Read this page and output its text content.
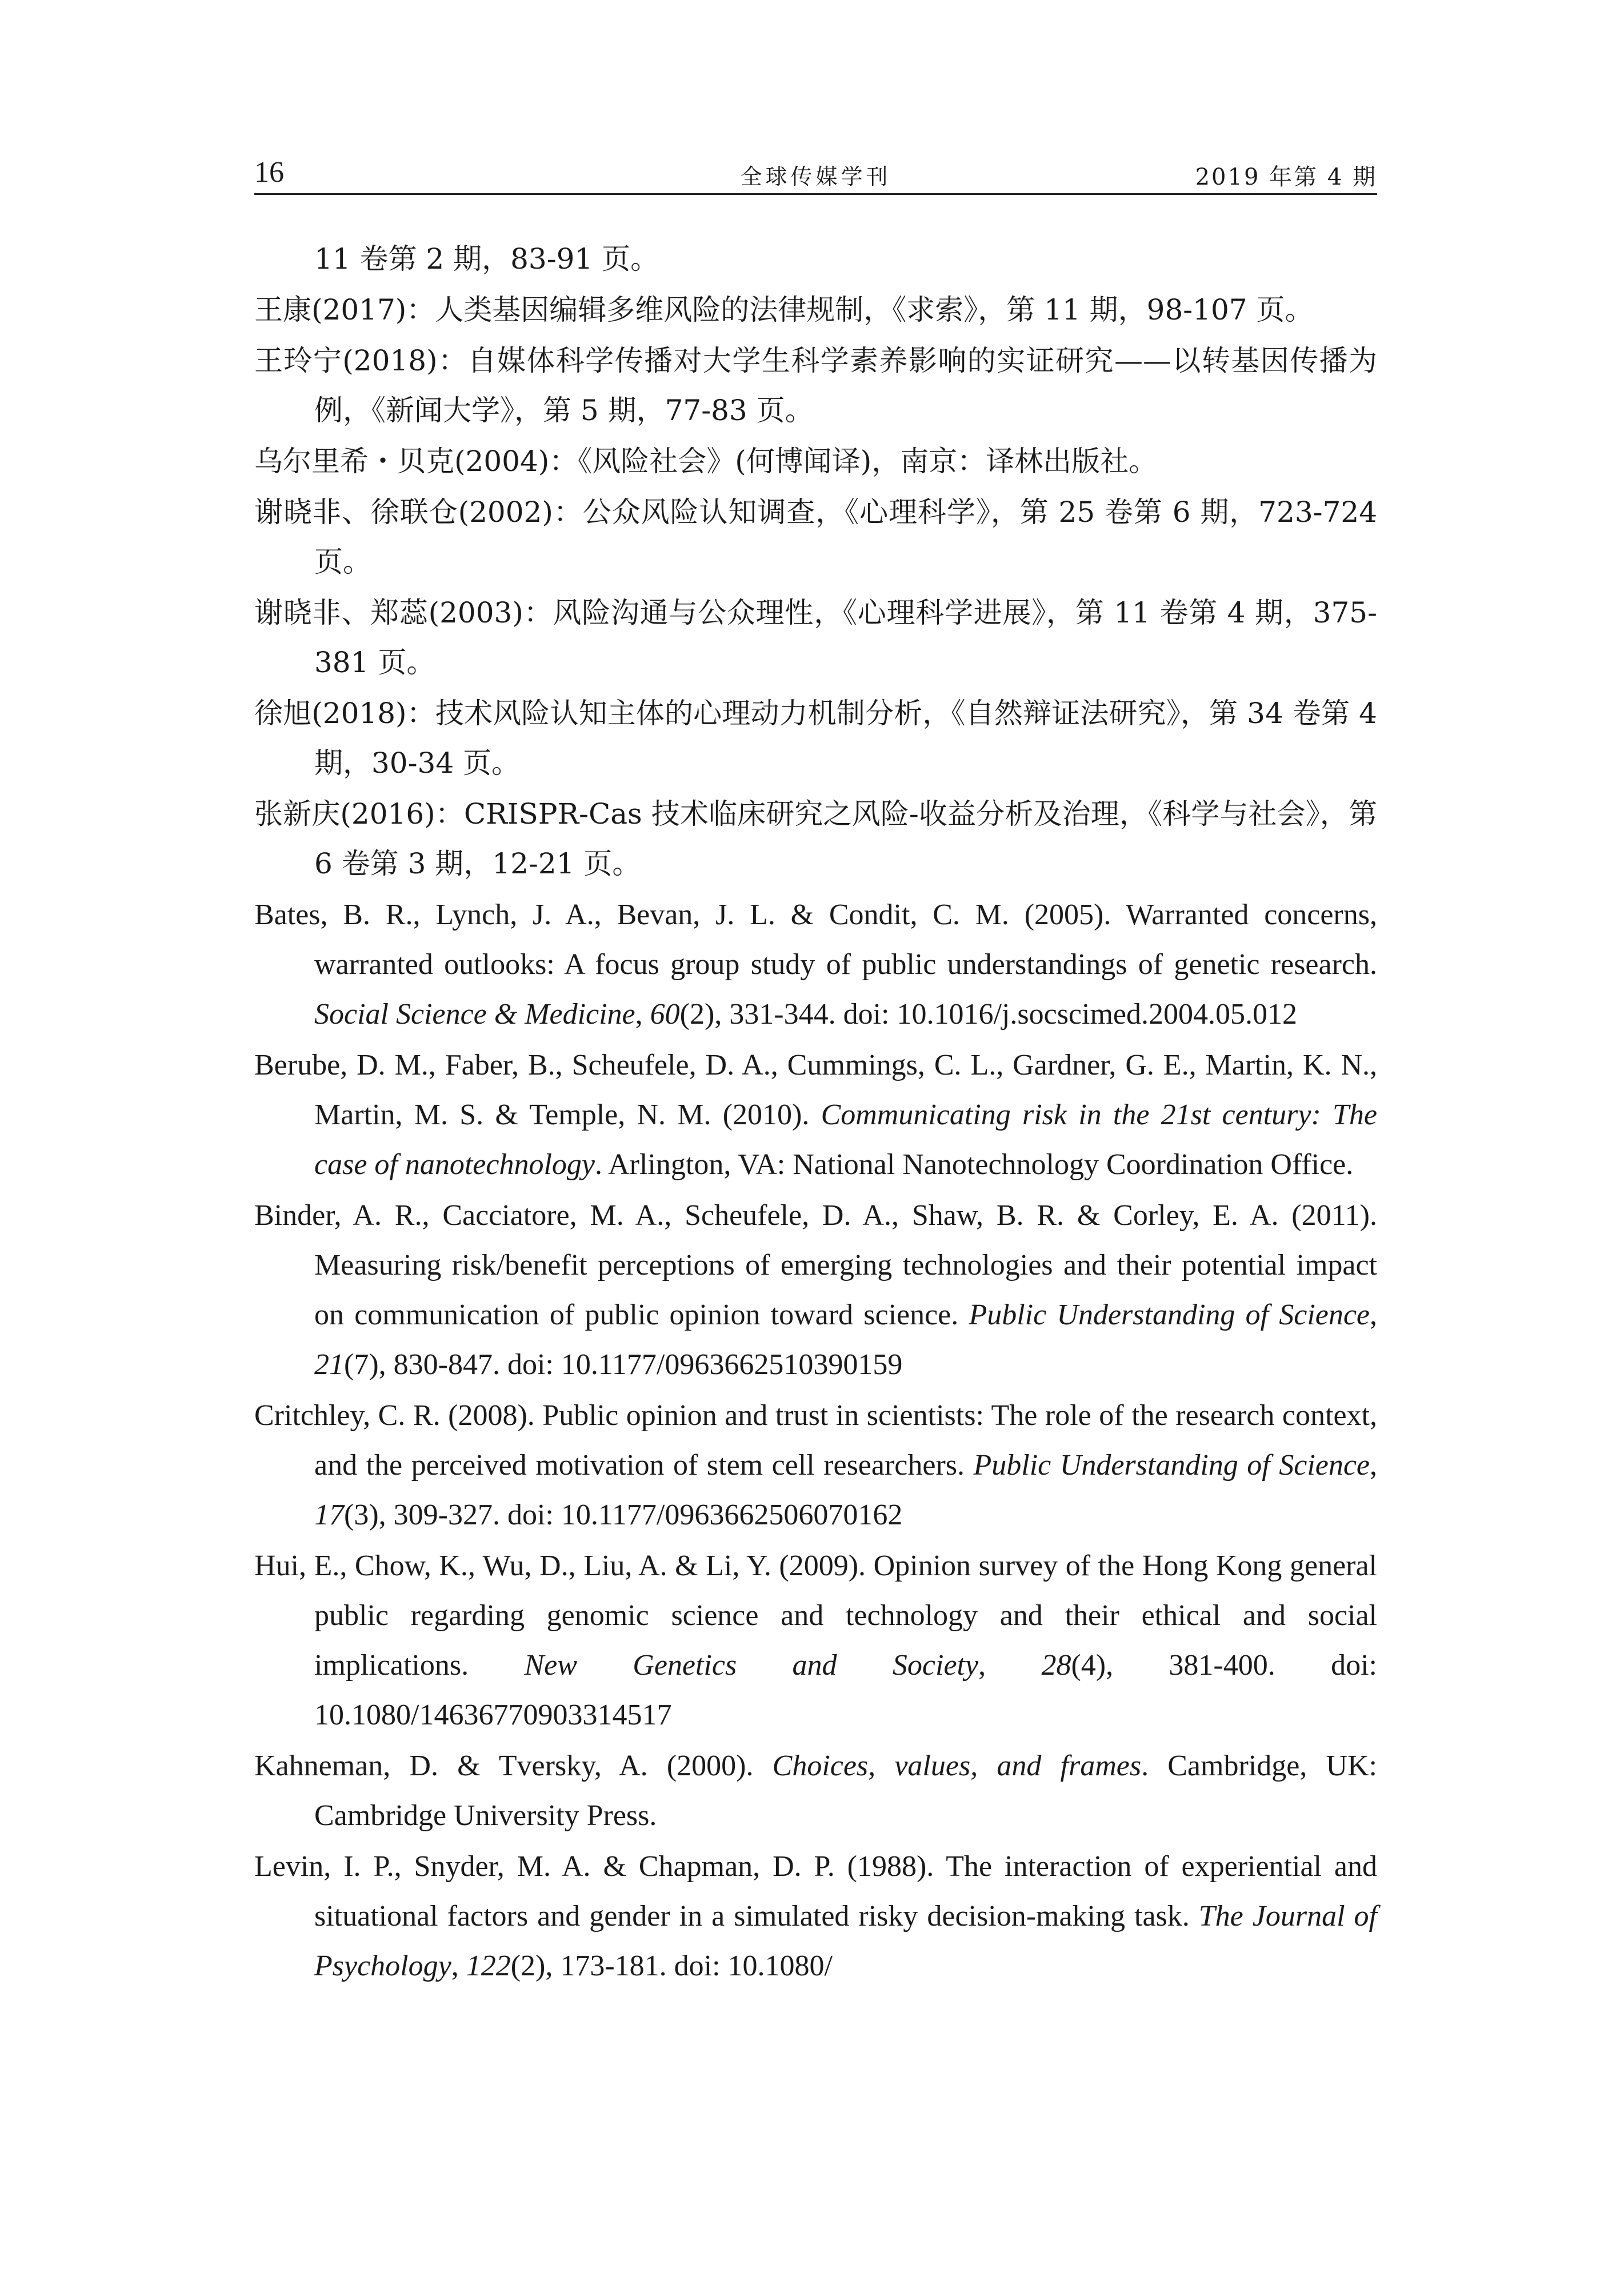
16	全球传媒学刊	2019 年第 4 期
11 卷第 2 期，83-91 页。
王康(2017)：人类基因编辑多维风险的法律规制，《求索》，第 11 期，98-107 页。
王玲宁(2018)：自媒体科学传播对大学生科学素养影响的实证研究——以转基因传播为例，《新闻大学》，第 5 期，77-83 页。
乌尔里希・贝克(2004)：《风险社会》(何博闻译)，南京：译林出版社。
谢晓非、徐联仓(2002)：公众风险认知调查，《心理科学》，第 25 卷第 6 期，723-724 页。
谢晓非、郑蕊(2003)：风险沟通与公众理性，《心理科学进展》，第 11 卷第 4 期，375-381 页。
徐旭(2018)：技术风险认知主体的心理动力机制分析，《自然辩证法研究》，第 34 卷第 4 期，30-34 页。
张新庆(2016)：CRISPR-Cas 技术临床研究之风险-收益分析及治理，《科学与社会》，第 6 卷第 3 期，12-21 页。
Bates, B. R., Lynch, J. A., Bevan, J. L. & Condit, C. M. (2005). Warranted concerns, warranted outlooks: A focus group study of public understandings of genetic research. Social Science & Medicine, 60(2), 331-344. doi: 10.1016/j.socscimed.2004.05.012
Berube, D. M., Faber, B., Scheufele, D. A., Cummings, C. L., Gardner, G. E., Martin, K. N., Martin, M. S. & Temple, N. M. (2010). Communicating risk in the 21st century: The case of nanotechnology. Arlington, VA: National Nanotechnology Coordination Office.
Binder, A. R., Cacciatore, M. A., Scheufele, D. A., Shaw, B. R. & Corley, E. A. (2011). Measuring risk/benefit perceptions of emerging technologies and their potential impact on communication of public opinion toward science. Public Understanding of Science, 21(7), 830-847. doi: 10.1177/0963662510390159
Critchley, C. R. (2008). Public opinion and trust in scientists: The role of the research context, and the perceived motivation of stem cell researchers. Public Understanding of Science, 17(3), 309-327. doi: 10.1177/0963662506070162
Hui, E., Chow, K., Wu, D., Liu, A. & Li, Y. (2009). Opinion survey of the Hong Kong general public regarding genomic science and technology and their ethical and social implications. New Genetics and Society, 28(4), 381-400. doi: 10.1080/14636770903314517
Kahneman, D. & Tversky, A. (2000). Choices, values, and frames. Cambridge, UK: Cambridge University Press.
Levin, I. P., Snyder, M. A. & Chapman, D. P. (1988). The interaction of experiential and situational factors and gender in a simulated risky decision-making task. The Journal of Psychology, 122(2), 173-181. doi: 10.1080/
